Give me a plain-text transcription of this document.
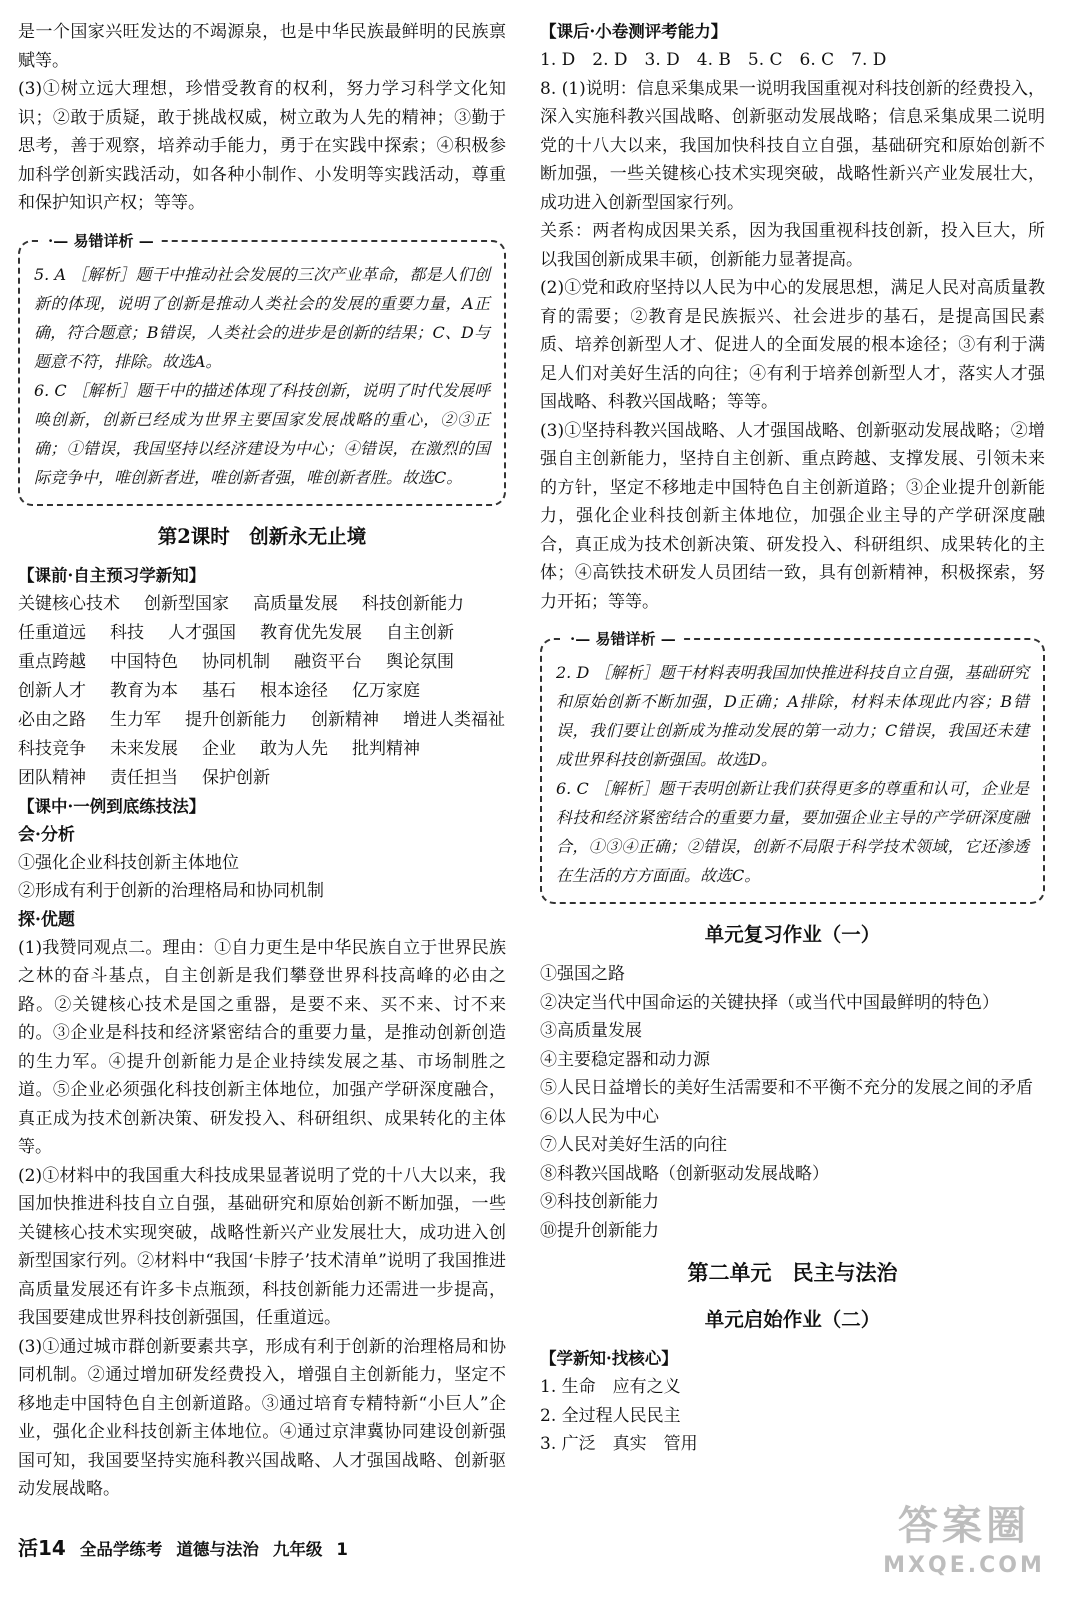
是一个国家兴旺发达的不竭源泉，也是中华民族最鲜明的民族禀赋等。

(3)①树立远大理想，珍惜受教育的权利，努力学习科学文化知识；②敢于质疑，敢于挑战权威，树立敢为人先的精神；③勤于思考，善于观察，培养动手能力，勇于在实践中探索；④积极参加科学创新实践活动，如各种小制作、小发明等实践活动，尊重和保护知识产权；等等。

·— 易错详析 —

5. A ［解析］题干中推动社会发展的三次产业革命，都是人们创新的体现，说明了创新是推动人类社会的发展的重要力量，A正确，符合题意；B错误，人类社会的进步是创新的结果；C、D与题意不符，排除。故选A。

6. C ［解析］题干中的描述体现了科技创新，说明了时代发展呼唤创新，创新已经成为世界主要国家发展战略的重心，②③正确；①错误，我国坚持以经济建设为中心；④错误，在激烈的国际竞争中，唯创新者进，唯创新者强，唯创新者胜。故选C。

第2课时　创新永无止境

【 课前·自主预习学新知 】

关键核心技术 创新型国家 高质量发展 科技创新能力
任重道远 科技 人才强国 教育优先发展 自主创新
重点跨越 中国特色 协同机制 融资平台 舆论氛围
创新人才 教育为本 基石 根本途径 亿万家庭
必由之路 生力军 提升创新能力 创新精神 增进人类福祉
科技竞争 未来发展 企业 敢为人先 批判精神
团队精神 责任担当 保护创新

【 课中·一例到底练技法 】

会·分析

①强化企业科技创新主体地位

②形成有利于创新的治理格局和协同机制

探·优题

(1)我赞同观点二。理由：①自力更生是中华民族自立于世界民族之林的奋斗基点，自主创新是我们攀登世界科技高峰的必由之路。②关键核心技术是国之重器，是要不来、买不来、讨不来的。③企业是科技和经济紧密结合的重要力量，是推动创新创造的生力军。④提升创新能力是企业持续发展之基、市场制胜之道。⑤企业必须强化科技创新主体地位，加强产学研深度融合，真正成为技术创新决策、研发投入、科研组织、成果转化的主体等。

(2)①材料中的我国重大科技成果显著说明了党的十八大以来，我国加快推进科技自立自强，基础研究和原始创新不断加强，一些关键核心技术实现突破，战略性新兴产业发展壮大，成功进入创新型国家行列。②材料中“我国‘卡脖子’技术清单”说明了我国推进高质量发展还有许多卡点瓶颈，科技创新能力还需进一步提高，我国要建成世界科技创新强国，任重道远。

(3)①通过城市群创新要素共享，形成有利于创新的治理格局和协同机制。②通过增加研发经费投入，增强自主创新能力，坚定不移地走中国特色自主创新道路。③通过培育专精特新“小巨人”企业，强化企业科技创新主体地位。④通过京津冀协同建设创新强国可知，我国要坚持实施科教兴国战略、人才强国战略、创新驱动发展战略。

【 课后·小卷测评考能力 】

1. D　2. D　3. D　4. B　5. C　6. C　7. D

8. (1)说明：信息采集成果一说明我国重视对科技创新的经费投入，深入实施科教兴国战略、创新驱动发展战略；信息采集成果二说明党的十八大以来，我国加快科技自立自强，基础研究和原始创新不断加强，一些关键核心技术实现突破，战略性新兴产业发展壮大，成功进入创新型国家行列。

关系：两者构成因果关系，因为我国重视科技创新，投入巨大，所以我国创新成果丰硕，创新能力显著提高。

(2)①党和政府坚持以人民为中心的发展思想，满足人民对高质量教育的需要；②教育是民族振兴、社会进步的基石，是提高国民素质、培养创新型人才、促进人的全面发展的根本途径；③有利于满足人们对美好生活的向往；④有利于培养创新型人才，落实人才强国战略、科教兴国战略；等等。

(3)①坚持科教兴国战略、人才强国战略、创新驱动发展战略；②增强自主创新能力，坚持自主创新、重点跨越、支撑发展、引领未来的方针，坚定不移地走中国特色自主创新道路；③企业提升创新能力，强化企业科技创新主体地位，加强企业主导的产学研深度融合，真正成为技术创新决策、研发投入、科研组织、成果转化的主体；④高铁技术研发人员团结一致，具有创新精神，积极探索，努力开拓；等等。

·— 易错详析 —

2. D ［解析］题干材料表明我国加快推进科技自立自强，基础研究和原始创新不断加强，D正确；A排除，材料未体现此内容；B错误，我们要让创新成为推动发展的第一动力；C错误，我国还未建成世界科技创新强国。故选D。

6. C ［解析］题干表明创新让我们获得更多的尊重和认可，企业是科技和经济紧密结合的重要力量，要加强企业主导的产学研深度融合，①③④正确；②错误，创新不局限于科学技术领域，它还渗透在生活的方方面面。故选C。

单元复习作业（一）

①强国之路

②决定当代中国命运的关键抉择（或当代中国最鲜明的特色）

③高质量发展

④主要稳定器和动力源

⑤人民日益增长的美好生活需要和不平衡不充分的发展之间的矛盾

⑥以人民为中心

⑦人民对美好生活的向往

⑧科教兴国战略（创新驱动发展战略）

⑨科技创新能力

⑩提升创新能力

第二单元　民主与法治
单元启始作业（二）

【 学新知·找核心 】

1. 生命　应有之义

2. 全过程人民民主

3. 广泛　真实　管用

活14 全品学练考 道德与法治 九年级 1
答案圈
MXQE.COM
